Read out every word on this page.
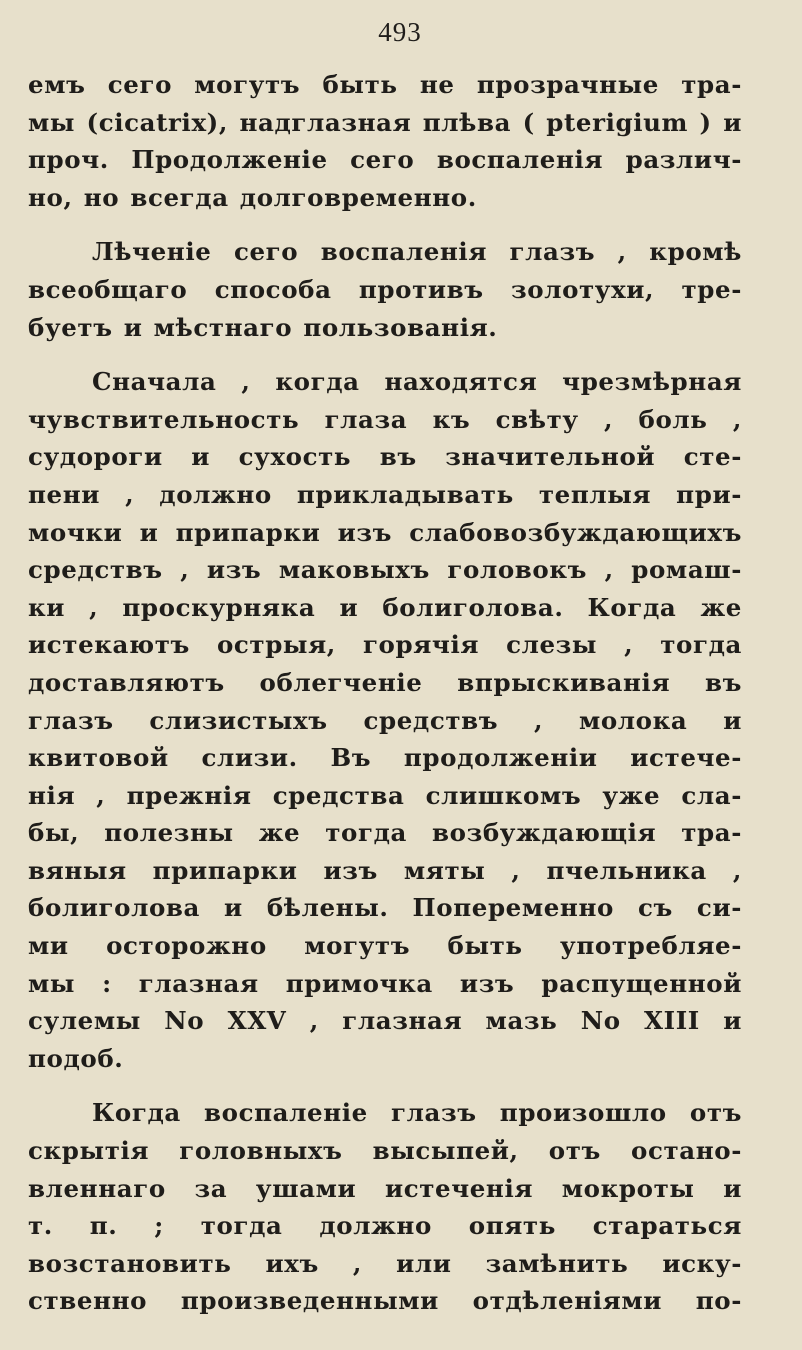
493
емъ сего могутъ быть не прозрачные тра-
мы (cicatrix), надглазная плѣва ( pterigium ) и
проч. Продолженіе сего воспаленія различ-
но, но всегда долговременно.
Лѣченіе сего воспаленія глазъ , кромѣ
всеобщаго способа противъ золотухи, тре-
буетъ и мѣстнаго пользованія.
Сначала , когда находятся чрезмѣрная
чувствительность глаза къ свѣту , боль ,
судороги и сухость въ значительной сте-
пени , должно прикладывать теплыя при-
мочки и припарки изъ слабовозбуждающихъ
средствъ , изъ маковыхъ головокъ , ромаш-
ки , проскурняка и болиголова. Когда же
истекаютъ острыя, горячія слезы , тогда
доставляютъ облегченіе впрыскиванія въ
глазъ слизистыхъ средствъ , молока и
квитовой слизи. Въ продолженіи истече-
нія , прежнія средства слишкомъ уже сла-
бы, полезны же тогда возбуждающія тра-
вяныя припарки изъ мяты , пчельника ,
болиголова и бѣлены. Попеременно съ си-
ми осторожно могутъ быть употребляе-
мы : глазная примочка изъ распущенной
сулемы No XXV , глазная мазь No XIII и
подоб.
Когда воспаленіе глазъ произошло отъ
скрытія головныхъ высыпей, отъ остано-
вленнаго за ушами истеченія мокроты и
т. п. ; тогда должно опять стараться
возстановить ихъ , или замѣнить иску-
ственно произведенными отдѣленіями по-
